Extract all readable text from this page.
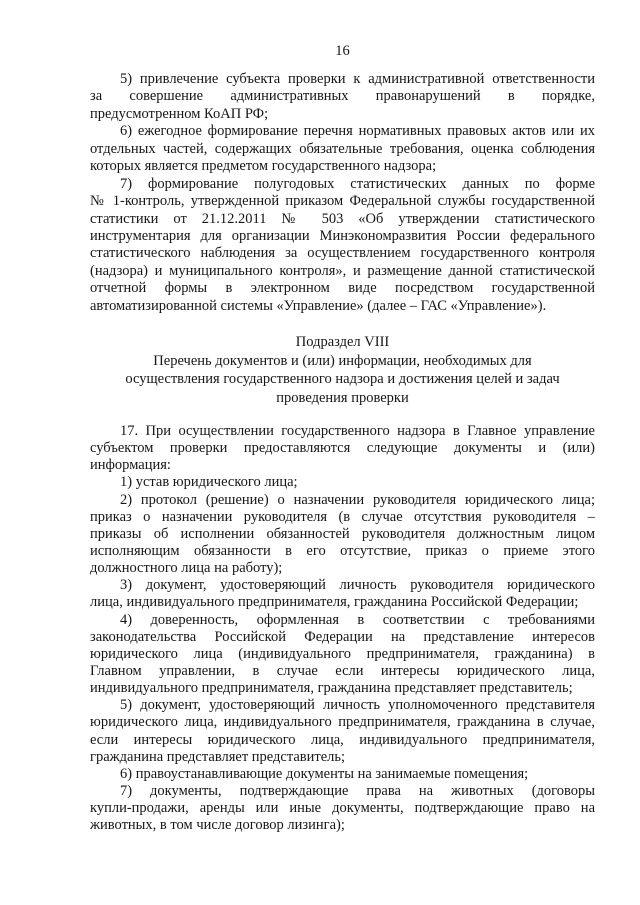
16
5) привлечение субъекта проверки к административной ответственности
за совершение административных правонарушений в порядке,
предусмотренном КоАП РФ;
6) ежегодное формирование перечня нормативных правовых актов или их
отдельных частей, содержащих обязательные требования, оценка соблюдения
которых является предметом государственного надзора;
7) формирование полугодовых статистических данных по форме
№ 1-контроль, утвержденной приказом Федеральной службы государственной
статистики от 21.12.2011 № 503 «Об утверждении статистического
инструментария для организации Минэкономразвития России федерального
статистического наблюдения за осуществлением государственного контроля
(надзора) и муниципального контроля», и размещение данной статистической
отчетной формы в электронном виде посредством государственной
автоматизированной системы «Управление» (далее – ГАС «Управление»).
Подраздел VIII
Перечень документов и (или) информации, необходимых для
осуществления государственного надзора и достижения целей и задач
проведения проверки
17. При осуществлении государственного надзора в Главное управление
субъектом проверки предоставляются следующие документы и (или)
информация:
1) устав юридического лица;
2) протокол (решение) о назначении руководителя юридического лица;
приказ о назначении руководителя (в случае отсутствия руководителя –
приказы об исполнении обязанностей руководителя должностным лицом
исполняющим обязанности в его отсутствие, приказ о приеме этого
должностного лица на работу);
3) документ, удостоверяющий личность руководителя юридического
лица, индивидуального предпринимателя, гражданина Российской Федерации;
4) доверенность, оформленная в соответствии с требованиями
законодательства Российской Федерации на представление интересов
юридического лица (индивидуального предпринимателя, гражданина) в
Главном управлении, в случае если интересы юридического лица,
индивидуального предпринимателя, гражданина представляет представитель;
5) документ, удостоверяющий личность уполномоченного представителя
юридического лица, индивидуального предпринимателя, гражданина в случае,
если интересы юридического лица, индивидуального предпринимателя,
гражданина представляет представитель;
6) правоустанавливающие документы на занимаемые помещения;
7) документы, подтверждающие права на животных (договоры
купли-продажи, аренды или иные документы, подтверждающие право на
животных, в том числе договор лизинга);
